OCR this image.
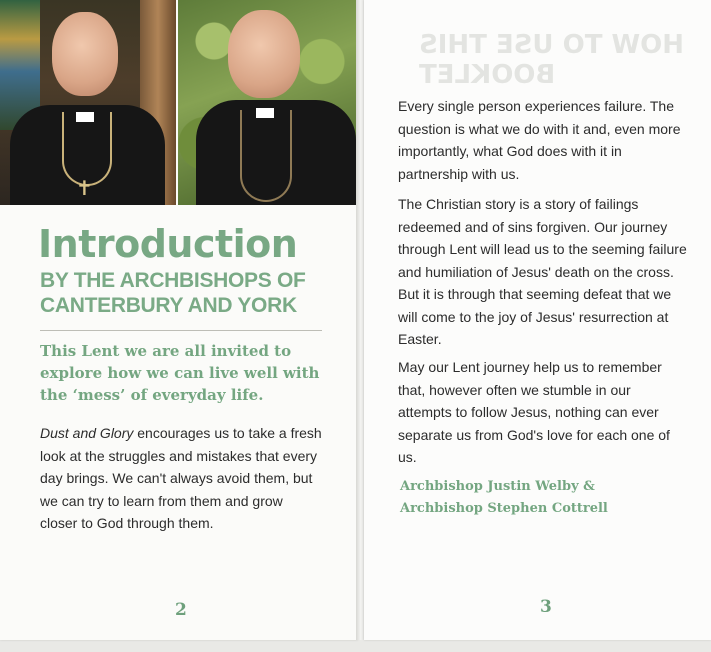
✝
Introduction
BY THE ARCHBISHOPS OF CANTERBURY AND YORK

This Lent we are all invited to explore how we can live well with the ‘mess’ of everyday life.

Dust and Glory encourages us to take a fresh look at the struggles and mistakes that every day brings. We can't always avoid them, but we can try to learn from them and grow closer to God through them.

2

HOW TO USE THIS BOOKLET

Every single person experiences failure. The question is what we do with it and, even more importantly, what God does with it in partnership with us.

The Christian story is a story of failings redeemed and of sins forgiven. Our journey through Lent will lead us to the seeming failure and humiliation of Jesus' death on the cross. But it is through that seeming defeat that we will come to the joy of Jesus' resurrection at Easter.

May our Lent journey help us to remember that, however often we stumble in our attempts to follow Jesus, nothing can ever separate us from God's love for each one of us.

Archbishop Justin Welby &
Archbishop Stephen Cottrell
3
